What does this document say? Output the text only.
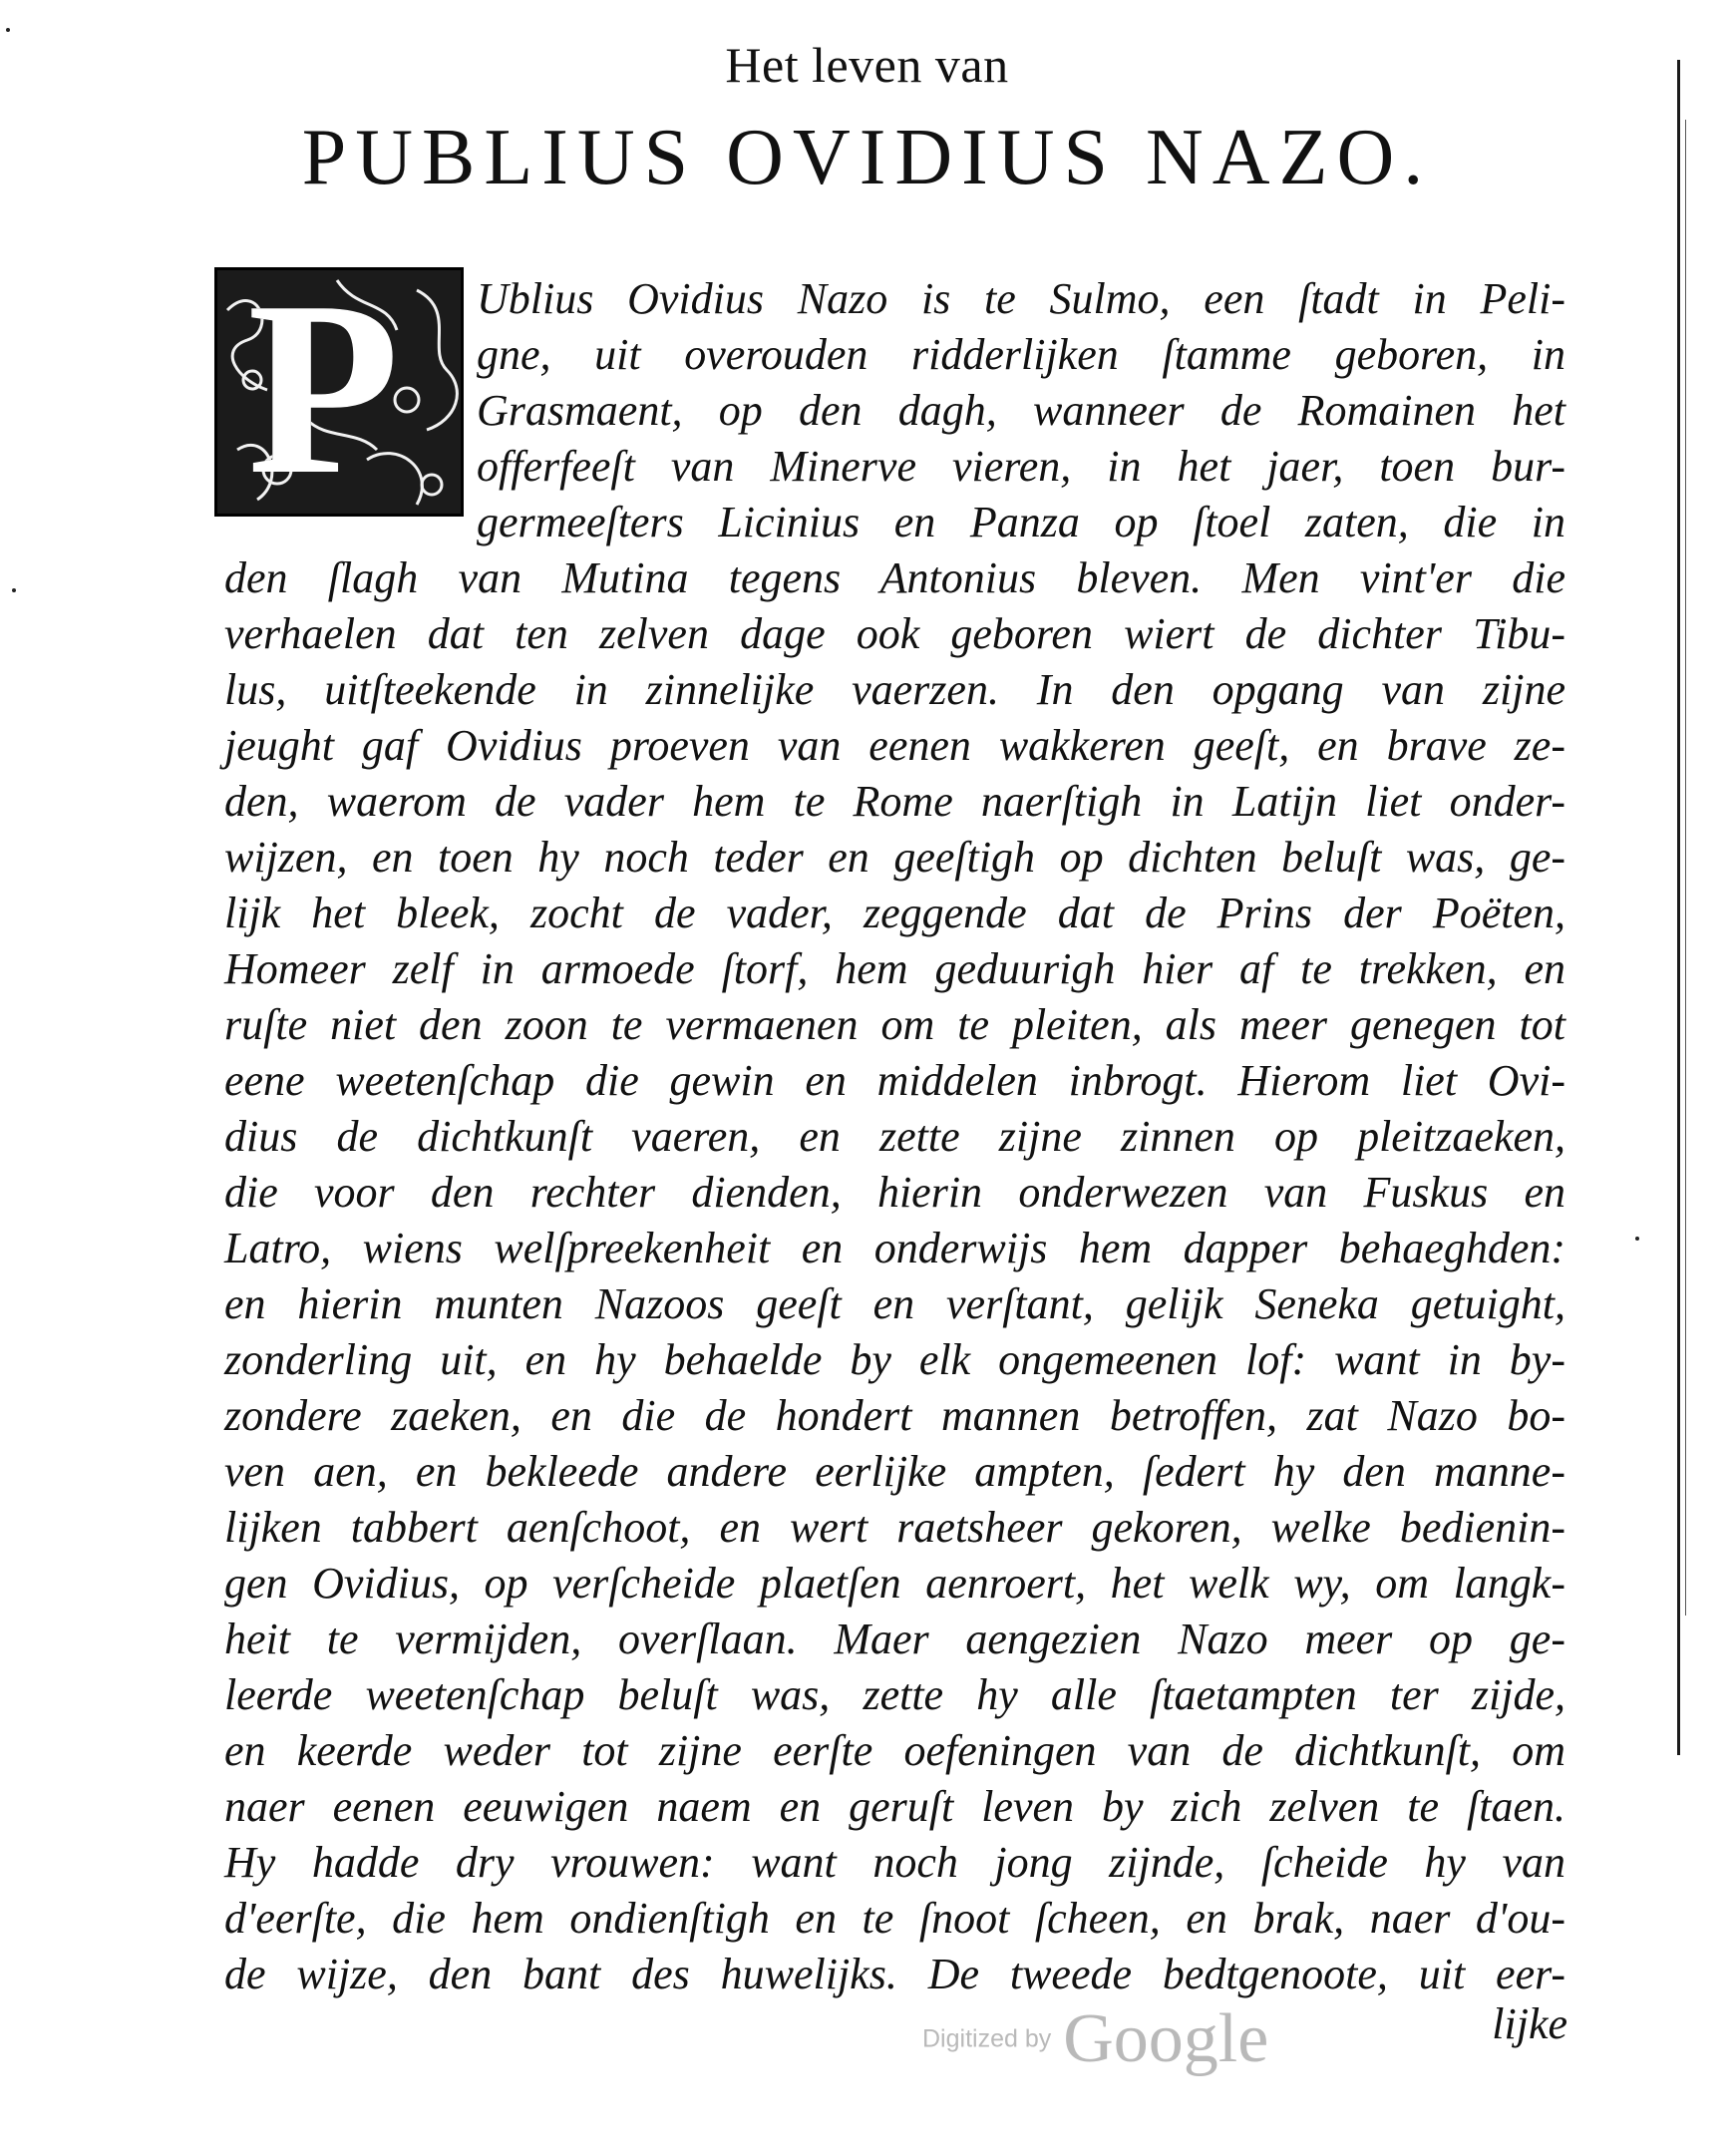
Het leven van
PUBLIUS OVIDIUS NAZO.
P Ublius Ovidius Nazo is te Sulmo, een ſtadt in Peli-
gne, uit overouden ridderlijken ſtamme geboren, in
Grasmaent, op den dagh, wanneer de Romainen het
offerfeeſt van Minerve vieren, in het jaer, toen bur-
germeeſters Licinius en Panza op ſtoel zaten, die in
den ſlagh van Mutina tegens Antonius bleven. Men vint'er die
verhaelen dat ten zelven dage ook geboren wiert de dichter Tibu-
lus, uitſteekende in zinnelijke vaerzen. In den opgang van zijne
jeught gaf Ovidius proeven van eenen wakkeren geeſt, en brave ze-
den, waerom de vader hem te Rome naerſtigh in Latijn liet onder-
wijzen, en toen hy noch teder en geeſtigh op dichten beluſt was, ge-
lijk het bleek, zocht de vader, zeggende dat de Prins der Poëten,
Homeer zelf in armoede ſtorf, hem geduurigh hier af te trekken, en
ruſte niet den zoon te vermaenen om te pleiten, als meer genegen tot
eene weetenſchap die gewin en middelen inbrogt. Hierom liet Ovi-
dius de dichtkunſt vaeren, en zette zijne zinnen op pleitzaeken,
die voor den rechter dienden, hierin onderwezen van Fuskus en
Latro, wiens welſpreekenheit en onderwijs hem dapper behaeghden:
en hierin munten Nazoos geeſt en verſtant, gelijk Seneka getuight,
zonderling uit, en hy behaelde by elk ongemeenen lof: want in by-
zondere zaeken, en die de hondert mannen betroffen, zat Nazo bo-
ven aen, en bekleede andere eerlijke ampten, ſedert hy den manne-
lijken tabbert aenſchoot, en wert raetsheer gekoren, welke bedienin-
gen Ovidius, op verſcheide plaetſen aenroert, het welk wy, om langk-
heit te vermijden, overſlaan. Maer aengezien Nazo meer op ge-
leerde weetenſchap beluſt was, zette hy alle ſtaetampten ter zijde,
en keerde weder tot zijne eerſte oefeningen van de dichtkunſt, om
naer eenen eeuwigen naem en geruſt leven by zich zelven te ſtaen.
Hy hadde dry vrouwen: want noch jong zijnde, ſcheide hy van
d'eerſte, die hem ondienſtigh en te ſnoot ſcheen, en brak, naer d'ou-
de wijze, den bant des huwelijks. De tweede bedtgenoote, uit eer-
lijke
Digitized by Google
